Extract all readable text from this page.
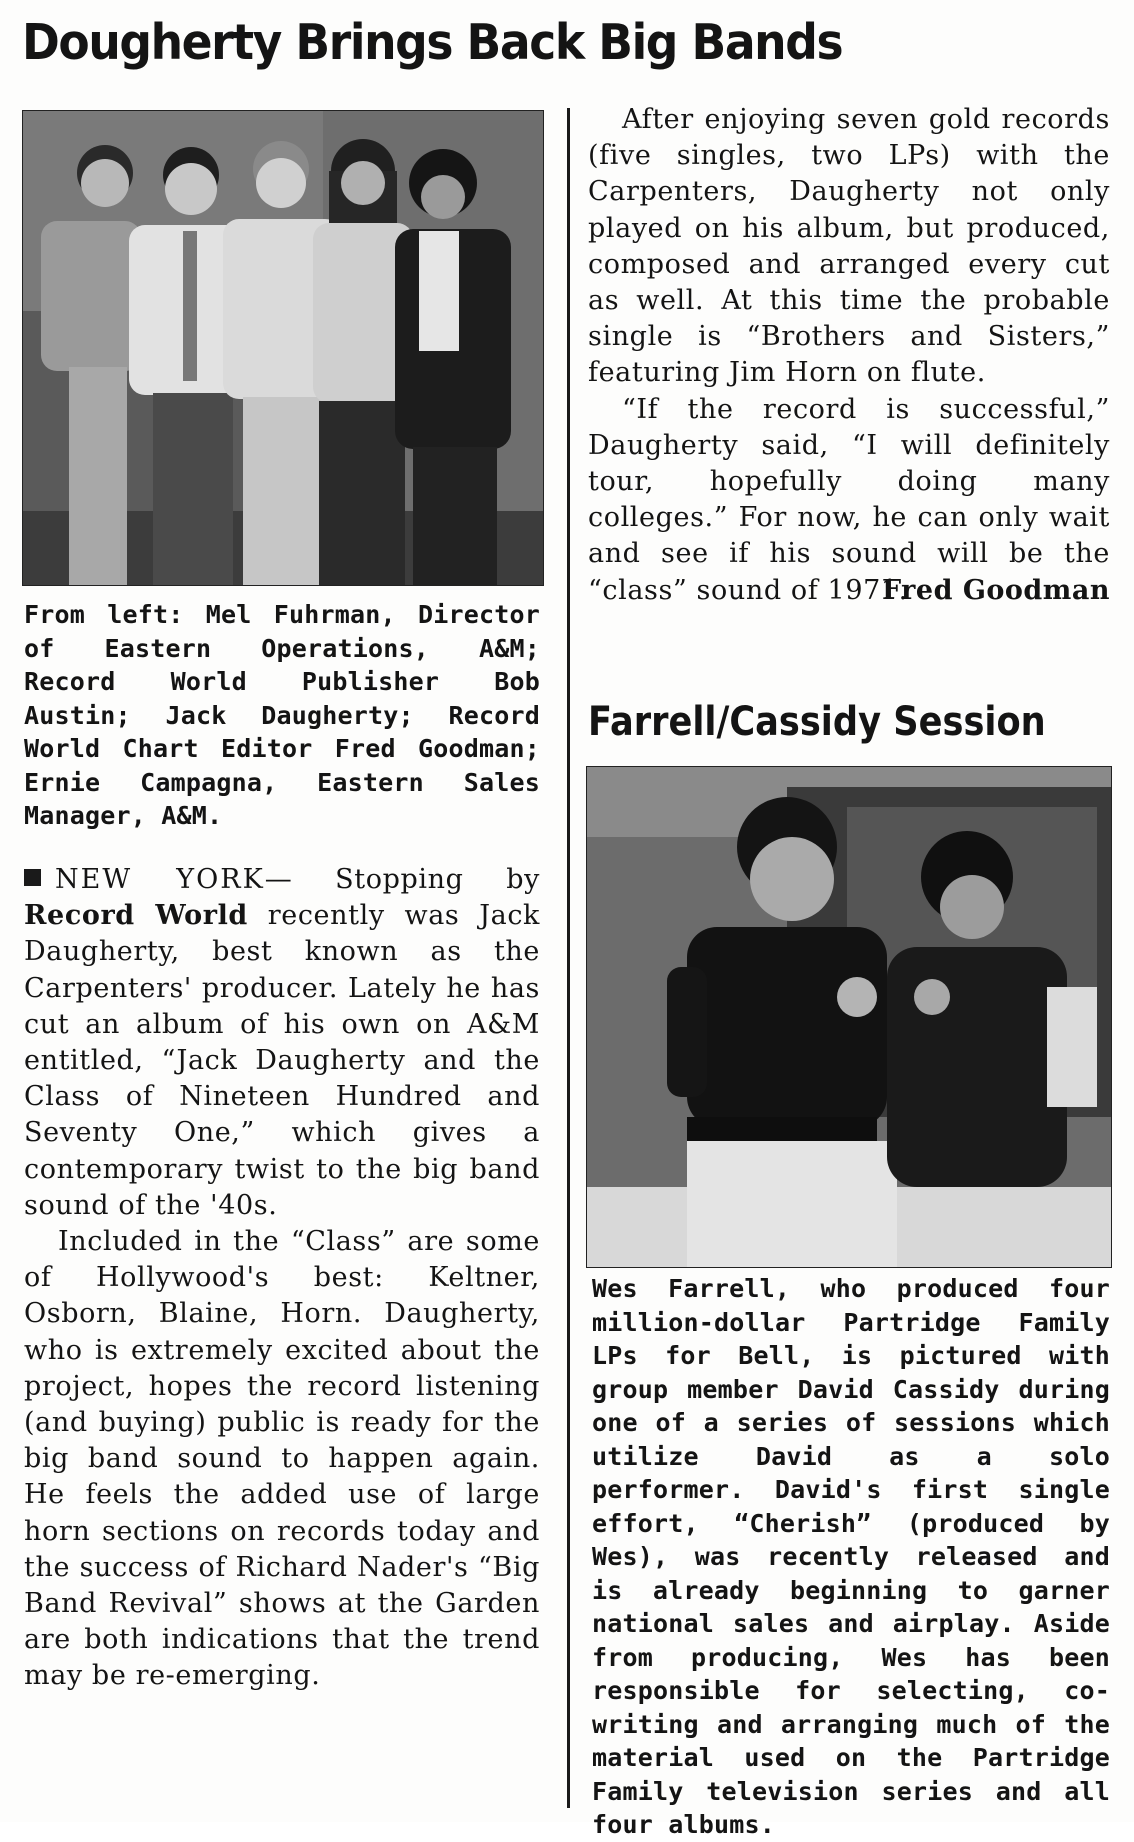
Dougherty Brings Back Big Bands
From left: Mel Fuhrman, Director of Eastern Operations, A&M; Record World Publisher Bob Austin; Jack Daugherty; Record World Chart Editor Fred Goodman; Ernie Campagna, Eastern Sales Manager, A&M.

NEW YORK— Stopping by Record World recently was Jack Daugherty, best known as the Carpenters' producer. Lately he has cut an album of his own on A&M entitled, “Jack Daugherty and the Class of Nineteen Hundred and Seventy One,” which gives a contemporary twist to the big band sound of the '40s.

Included in the “Class” are some of Hollywood's best: Keltner, Osborn, Blaine, Horn. Daugherty, who is extremely excited about the project, hopes the record listening (and buying) public is ready for the big band sound to happen again. He feels the added use of large horn sections on records today and the success of Richard Nader's “Big Band Revival” shows at the Garden are both indications that the trend may be re-emerging.

After enjoying seven gold records (five singles, two LPs) with the Carpenters, Daugherty not only played on his album, but produced, composed and arranged every cut as well. At this time the probable single is “Brothers and Sisters,” featuring Jim Horn on flute.

“If the record is successful,” Daugherty said, “I will definitely tour, hopefully doing many colleges.” For now, he can only wait and see if his sound will be the “class” sound of 1971.

Fred Goodman
Farrell/Cassidy Session
Wes Farrell, who produced four million-dollar Partridge Family LPs for Bell, is pictured with group member David Cassidy during one of a series of sessions which utilize David as a solo performer. David's first single effort, “Cherish” (produced by Wes), was recently released and is already beginning to garner national sales and airplay. Aside from producing, Wes has been responsible for selecting, co-writing and arranging much of the material used on the Partridge Family television series and all four albums.
